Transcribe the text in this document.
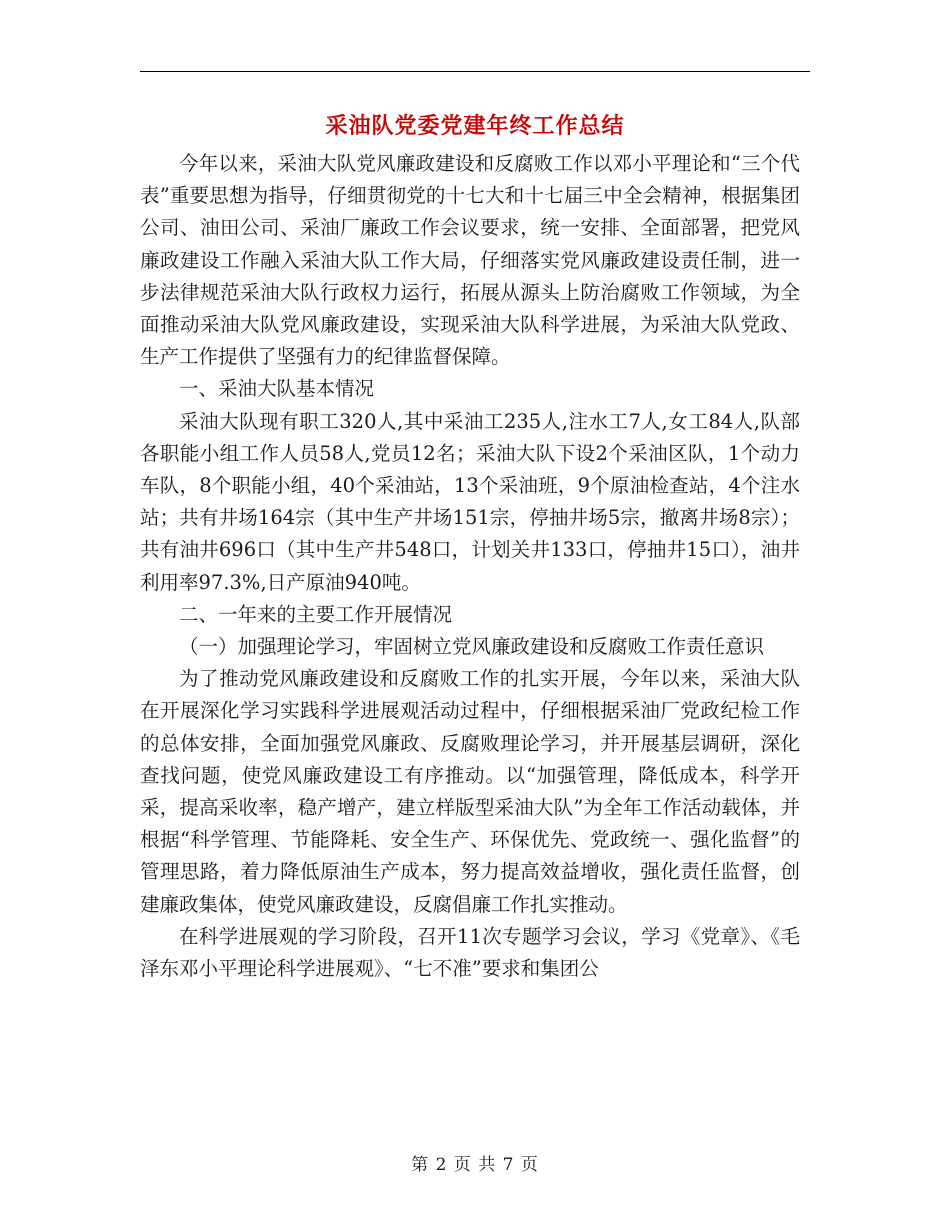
采油队党委党建年终工作总结

今年以来，采油大队党风廉政建设和反腐败工作以邓小平理论和“三个代表”重要思想为指导，仔细贯彻党的十七大和十七届三中全会精神，根据集团公司、油田公司、采油厂廉政工作会议要求，统一安排、全面部署，把党风廉政建设工作融入采油大队工作大局，仔细落实党风廉政建设责任制，进一步法律规范采油大队行政权力运行，拓展从源头上防治腐败工作领域，为全面推动采油大队党风廉政建设，实现采油大队科学进展，为采油大队党政、生产工作提供了坚强有力的纪律监督保障。

一、采油大队基本情况

采油大队现有职工320人,其中采油工235人,注水工7人,女工84人,队部各职能小组工作人员58人,党员12名；采油大队下设2个采油区队，1个动力车队，8个职能小组，40个采油站，13个采油班，9个原油检查站，4个注水站；共有井场164宗（其中生产井场151宗，停抽井场5宗，撤离井场8宗）；共有油井696口（其中生产井548口，计划关井133口，停抽井15口），油井利用率97.3%,日产原油940吨。

二、一年来的主要工作开展情况

（一）加强理论学习，牢固树立党风廉政建设和反腐败工作责任意识

为了推动党风廉政建设和反腐败工作的扎实开展，今年以来，采油大队在开展深化学习实践科学进展观活动过程中，仔细根据采油厂党政纪检工作的总体安排，全面加强党风廉政、反腐败理论学习，并开展基层调研，深化查找问题，使党风廉政建设工有序推动。以“加强管理，降低成本，科学开采，提高采收率，稳产增产，建立样版型采油大队”为全年工作活动载体，并根据“科学管理、节能降耗、安全生产、环保优先、党政统一、强化监督”的管理思路，着力降低原油生产成本，努力提高效益增收，强化责任监督，创建廉政集体，使党风廉政建设，反腐倡廉工作扎实推动。

在科学进展观的学习阶段，召开11次专题学习会议，学习《党章》、《毛泽东邓小平理论科学进展观》、“七不准”要求和集团公

第 2 页 共 7 页
